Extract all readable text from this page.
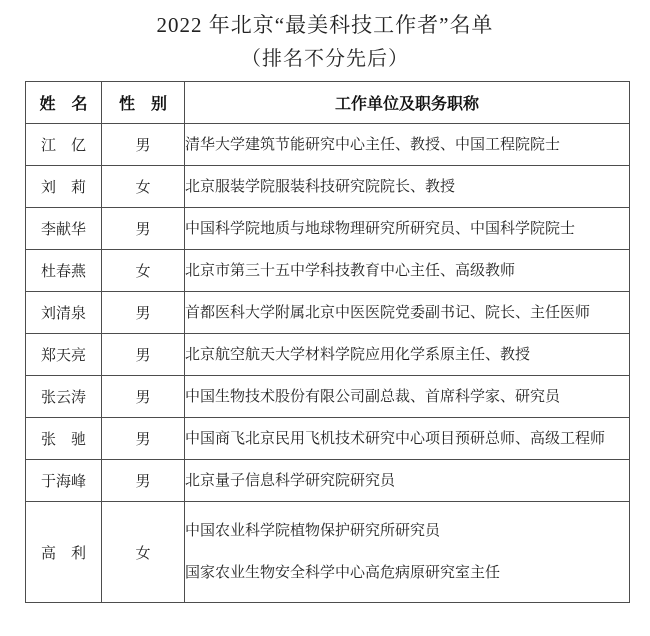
2022 年北京“最美科技工作者”名单
（排名不分先后）
姓　名	性　别	工作单位及职务职称
江　亿	男	清华大学建筑节能研究中心主任、教授、中国工程院院士

刘　莉	女	北京服装学院服装科技研究院院长、教授

李献华	男	中国科学院地质与地球物理研究所研究员、中国科学院院士

杜春燕	女	北京市第三十五中学科技教育中心主任、高级教师

刘清泉	男	首都医科大学附属北京中医医院党委副书记、院长、主任医师

郑天亮	男	北京航空航天大学材料学院应用化学系原主任、教授

张云涛	男	中国生物技术股份有限公司副总裁、首席科学家、研究员

张　驰	男	中国商飞北京民用飞机技术研究中心项目预研总师、高级工程师

于海峰	男	北京量子信息科学研究院研究员

高　利	女	中国农业科学院植物保护研究所研究员
国家农业生物安全科学中心高危病原研究室主任
